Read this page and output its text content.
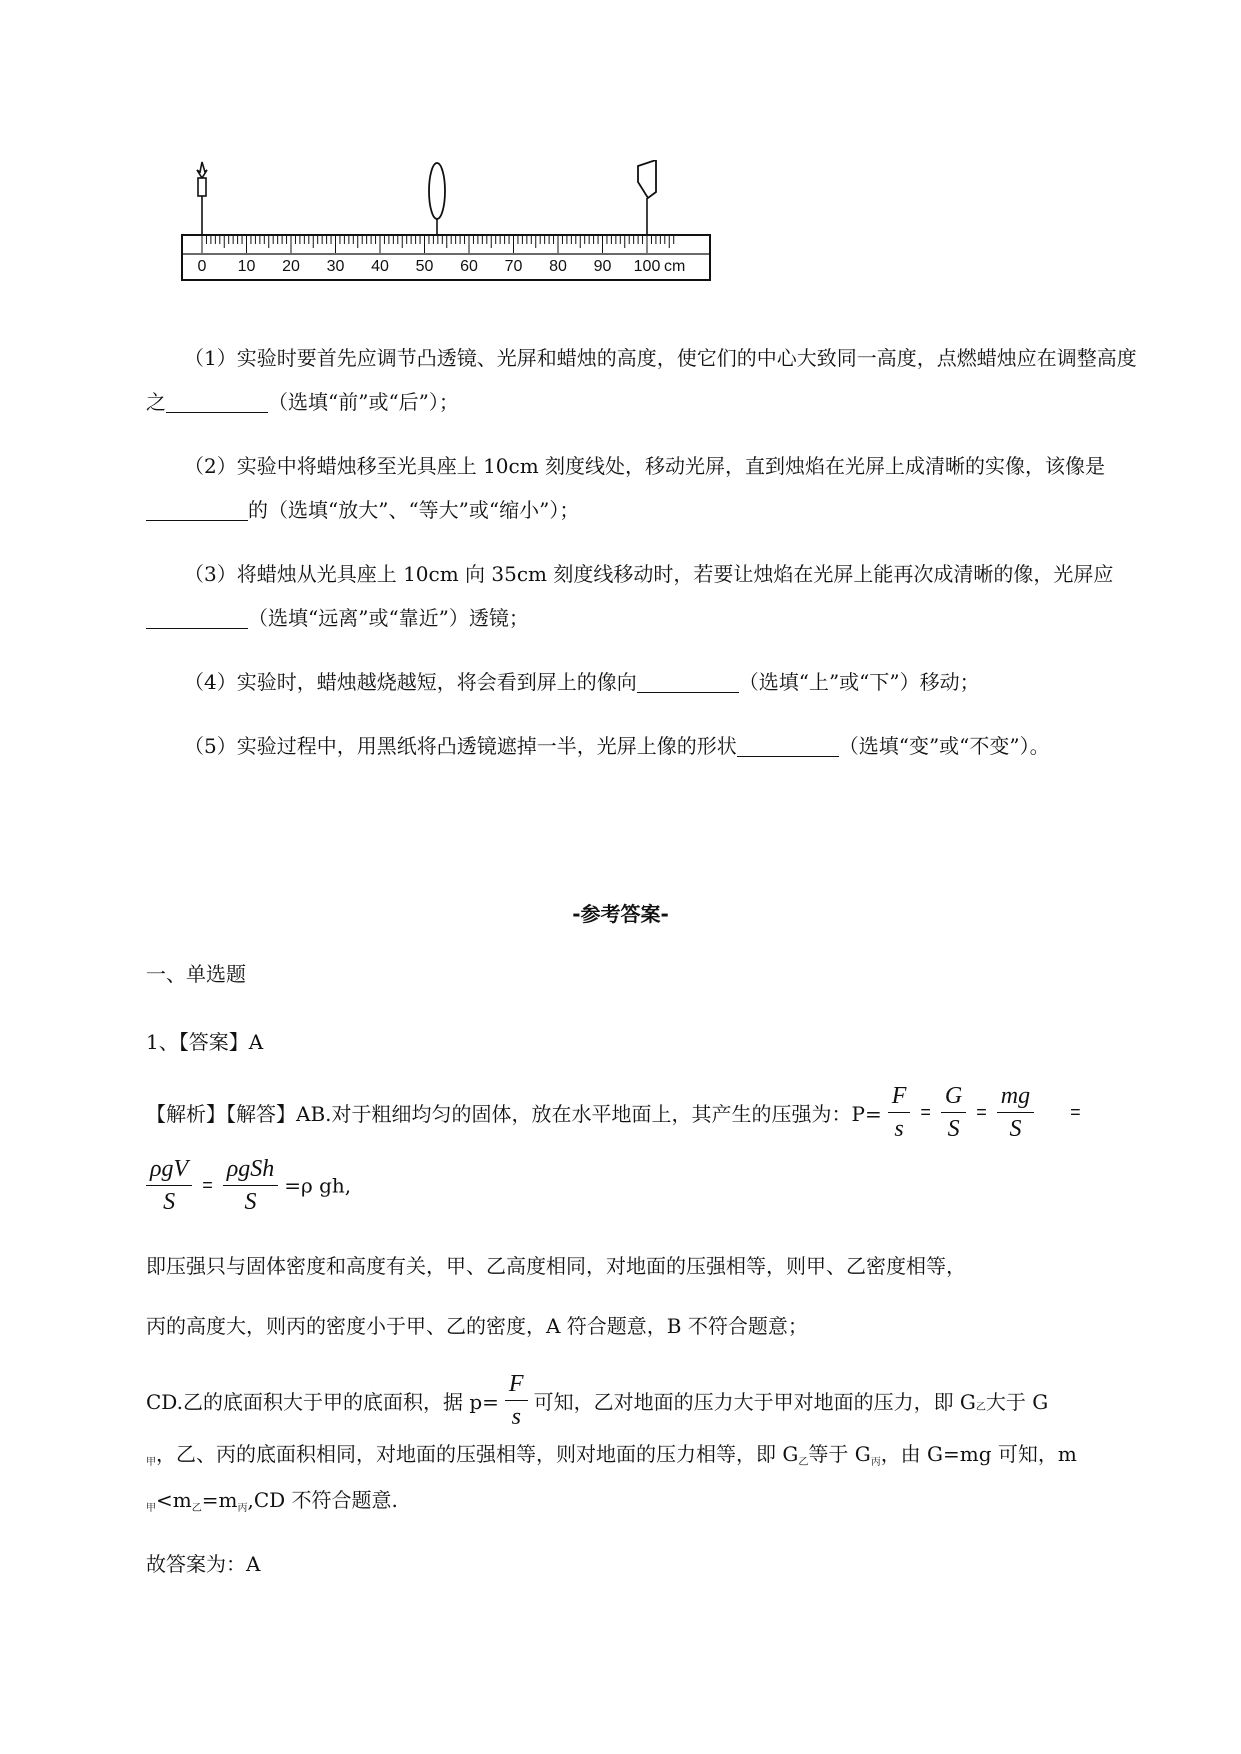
0 10 20 30 40 50 60 70 80 90 100 cm

（1）实验时要首先应调节凸透镜、光屏和蜡烛的高度，使它们的中心大致同一高度，点燃蜡烛应在调整高度之	（选填“前”或“后”）；

（2）实验中将蜡烛移至光具座上 10cm 刻度线处，移动光屏，直到烛焰在光屏上成清晰的实像，该像是的（选填“放大”、“等大”或“缩小”）；

（3）将蜡烛从光具座上 10cm 向 35cm 刻度线移动时，若要让烛焰在光屏上能再次成清晰的像，光屏应（选填“远离”或“靠近”）透镜；

（4）实验时，蜡烛越烧越短，将会看到屏上的像向	（选填“上”或“下”）移动；

（5）实验过程中，用黑纸将凸透镜遮掉一半，光屏上像的形状	（选填“变”或“不变”）。

-参考答案-
一、单选题
1、【答案】A
【解析】【解答】AB.对于粗细均匀的固体，放在水平地面上，其产生的压强为：$P= \frac{F}{s} = \frac{G}{S} = \frac{mg}{S}$ =
$\frac{\text{ρgV}}{S} = \frac{\text{ρgSh}}{S} =\rho$ gh,
即压强只与固体密度和高度有关，甲、乙高度相同，对地面的压强相等，则甲、乙密度相等，
丙的高度大，则丙的密度小于甲、乙的密度，A 符合题意，B 不符合题意；
CD.乙的底面积大于甲的底面积，据 $p= \frac{F}{s}$ 可知，乙对地面的压力大于甲对地面的压力，即 $G_乙$大于 G
$_甲$，乙、丙的底面积相同，对地面的压强相等，则对地面的压力相等，即 $G_乙$等于 $G_丙$，由 G=mg 可知，m
$_甲<m_乙=m_丙,CD$ 不符合题意.
故答案为：A
